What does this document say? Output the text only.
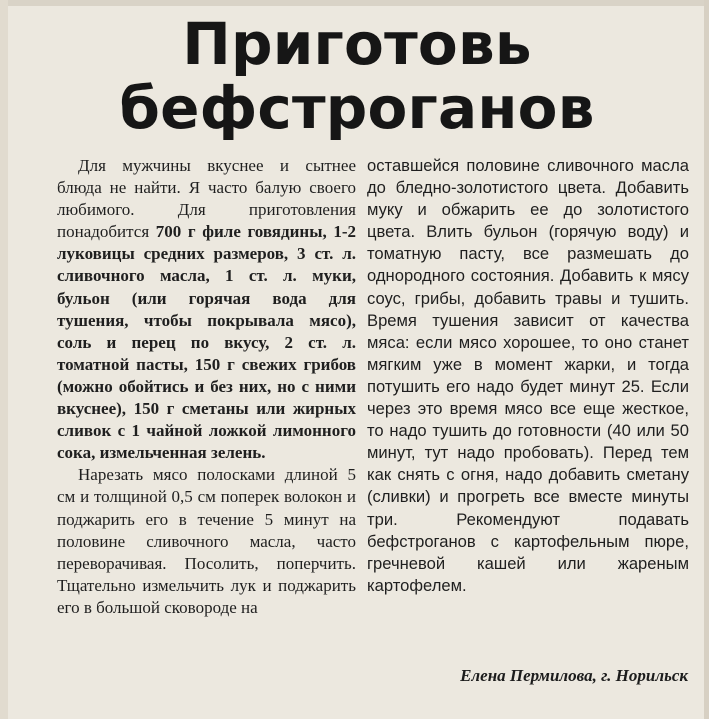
Приготовь
бефстроганов

Для мужчины вкуснее и сытнее блюда не найти. Я часто балую своего любимого. Для приготовления понадобится 700 г филе говядины, 1-2 луковицы средних размеров, 3 ст. л. сливочного масла, 1 ст. л. муки, бульон (или горячая вода для тушения, чтобы покрывала мясо), соль и перец по вкусу, 2 ст. л. томатной пасты, 150 г свежих грибов (можно обойтись и без них, но с ними вкуснее), 150 г сметаны или жирных сливок с 1 чайной ложкой лимонного сока, измельченная зелень.

Нарезать мясо полосками длиной 5 см и толщиной 0,5 см поперек волокон и поджарить его в течение 5 минут на половине сливочного масла, часто переворачивая. Посолить, поперчить. Тщательно измельчить лук и поджарить его в большой сковороде на

оставшейся половине сливочного масла до бледно-золотистого цвета. Добавить муку и обжарить ее до золотистого цвета. Влить бульон (горячую воду) и томатную пасту, все размешать до однородного состояния. Добавить к мясу соус, грибы, добавить травы и тушить. Время тушения зависит от качества мяса: если мясо хорошее, то оно станет мягким уже в момент жарки, и тогда потушить его надо будет минут 25. Если через это время мясо все еще жесткое, то надо тушить до готовности (40 или 50 минут, тут надо пробовать). Перед тем как снять с огня, надо добавить сметану (сливки) и прогреть все вместе минуты три. Рекомендуют подавать бефстроганов с картофельным пюре, гречневой кашей или жареным картофелем.

Елена Пермилова, г. Норильск
